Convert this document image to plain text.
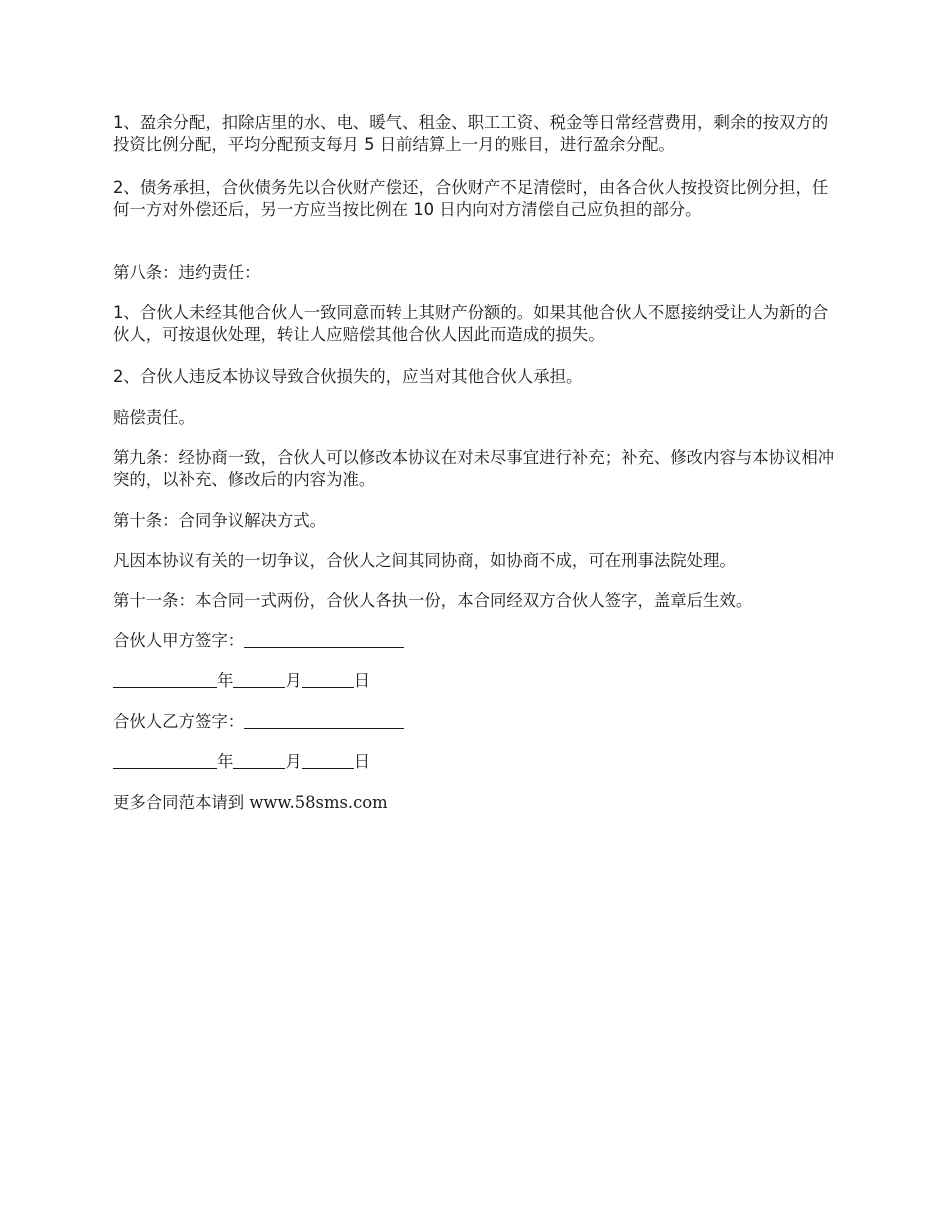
1、盈余分配，扣除店里的水、电、暖气、租金、职工工资、税金等日常经营费用，剩余的按双方的投资比例分配，平均分配预支每月 5 日前结算上一月的账目，进行盈余分配。

2、债务承担，合伙债务先以合伙财产偿还，合伙财产不足清偿时，由各合伙人按投资比例分担，任何一方对外偿还后，另一方应当按比例在 10 日内向对方清偿自己应负担的部分。

第八条：违约责任：

1、合伙人未经其他合伙人一致同意而转上其财产份额的。如果其他合伙人不愿接纳受让人为新的合伙人，可按退伙处理，转让人应赔偿其他合伙人因此而造成的损失。

2、合伙人违反本协议导致合伙损失的，应当对其他合伙人承担。

赔偿责任。

第九条：经协商一致，合伙人可以修改本协议在对未尽事宜进行补充；补充、修改内容与本协议相冲突的，以补充、修改后的内容为准。

第十条：合同争议解决方式。

凡因本协议有关的一切争议，合伙人之间其同协商，如协商不成，可在刑事法院处理。

第十一条：本合同一式两份，合伙人各执一份，本合同经双方合伙人签字，盖章后生效。

合伙人甲方签字：
年	月	日
合伙人乙方签字：
年	月	日

更多合同范本请到 www.58sms.com
